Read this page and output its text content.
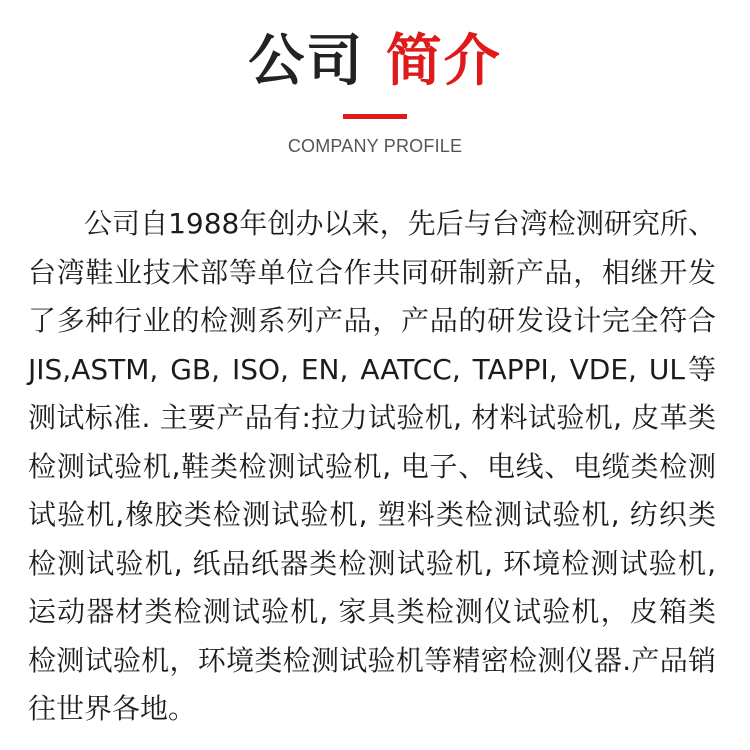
公司 简介
COMPANY PROFILE

公司自1988年创办以来，先后与台湾检测研究所、台湾鞋业技术部等单位合作共同研制新产品，相继开发了多种行业的检测系列产品，产品的研发设计完全符合JIS,ASTM, GB, ISO, EN, AATCC, TAPPI, VDE, UL等测试标准. 主要产品有:拉力试验机, 材料试验机, 皮革类检测试验机,鞋类检测试验机, 电子、电线、电缆类检测试验机,橡胶类检测试验机, 塑料类检测试验机, 纺织类检测试验机, 纸品纸器类检测试验机, 环境检测试验机, 运动器材类检测试验机, 家具类检测仪试验机，皮箱类检测试验机，环境类检测试验机等精密检测仪器.产品销往世界各地。
